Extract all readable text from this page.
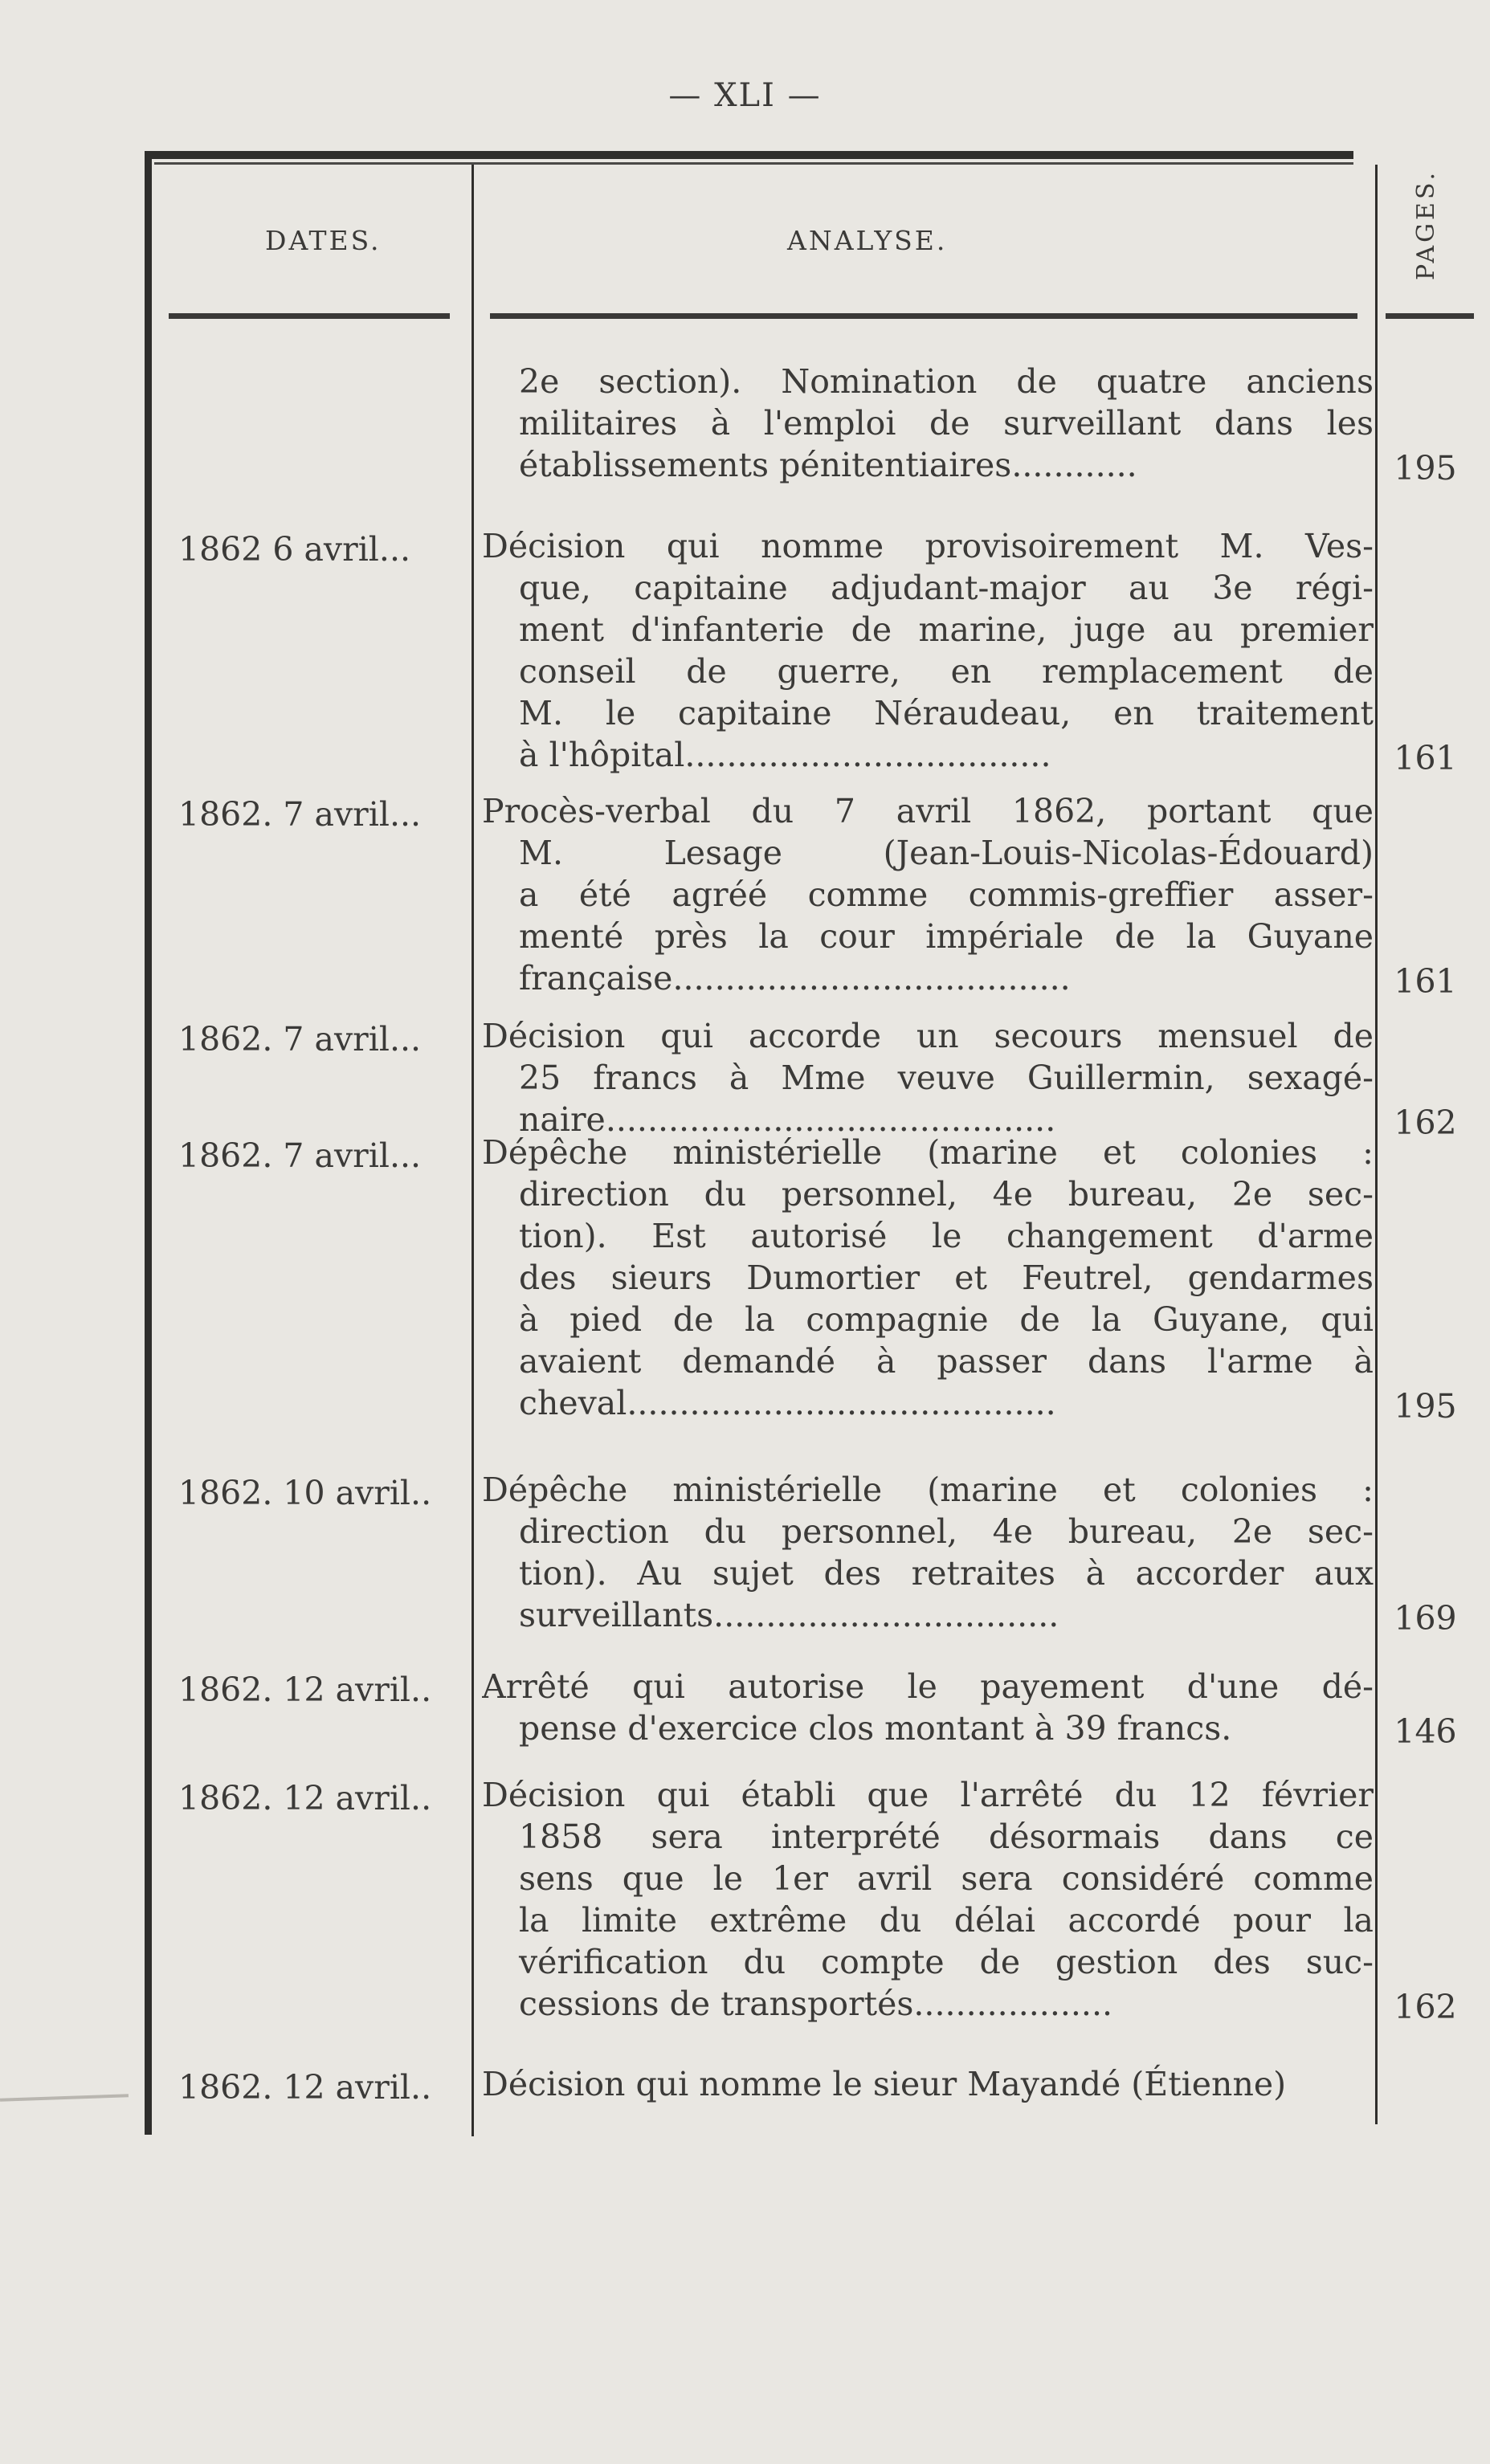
— XLI —
DATES.	ANALYSE.	PAGES.
2e section). Nomination de quatre anciens
militaires à l'emploi de surveillant dans les
établissements pénitentiaires............	195
1862 6 avril... Décision qui nomme provisoirement M. Ves-
que, capitaine adjudant-major au 3e régi-
ment d'infanterie de marine, juge au premier
conseil de guerre, en remplacement de
M. le capitaine Néraudeau, en traitement
à l'hôpital...................................	161
1862. 7 avril... Procès-verbal du 7 avril 1862, portant que
M. Lesage (Jean-Louis-Nicolas-Édouard)
a été agréé comme commis-greffier asser-
menté près la cour impériale de la Guyane
française......................................	161
1862. 7 avril... Décision qui accorde un secours mensuel de
25 francs à Mme veuve Guillermin, sexagé-
naire...........................................	162
1862. 7 avril... Dépêche ministérielle (marine et colonies :
direction du personnel, 4e bureau, 2e sec-
tion). Est autorisé le changement d'arme
des sieurs Dumortier et Feutrel, gendarmes
à pied de la compagnie de la Guyane, qui
avaient demandé à passer dans l'arme à
cheval.........................................	195
1862. 10 avril.. Dépêche ministérielle (marine et colonies :
direction du personnel, 4e bureau, 2e sec-
tion). Au sujet des retraites à accorder aux
surveillants.................................	169
1862. 12 avril.. Arrêté qui autorise le payement d'une dé-
pense d'exercice clos montant à 39 francs.	146
1862. 12 avril.. Décision qui établi que l'arrêté du 12 février
1858 sera interprété désormais dans ce
sens que le 1er avril sera considéré comme
la limite extrême du délai accordé pour la
vérification du compte de gestion des suc-
cessions de transportés...................	162
1862. 12 avril.. Décision qui nomme le sieur Mayandé (Étienne)
